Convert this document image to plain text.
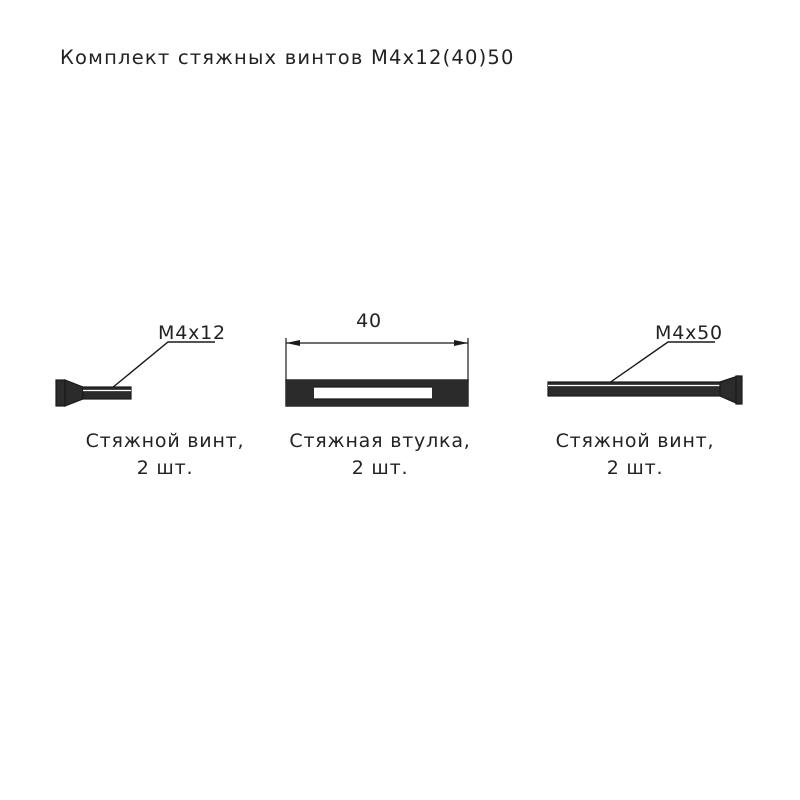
Комплект стяжных винтов M4x12(40)50
M4x12
Стяжной винт,
2 шт.
40
Стяжная втулка,
2 шт.
M4x50
Стяжной винт,
2 шт.
